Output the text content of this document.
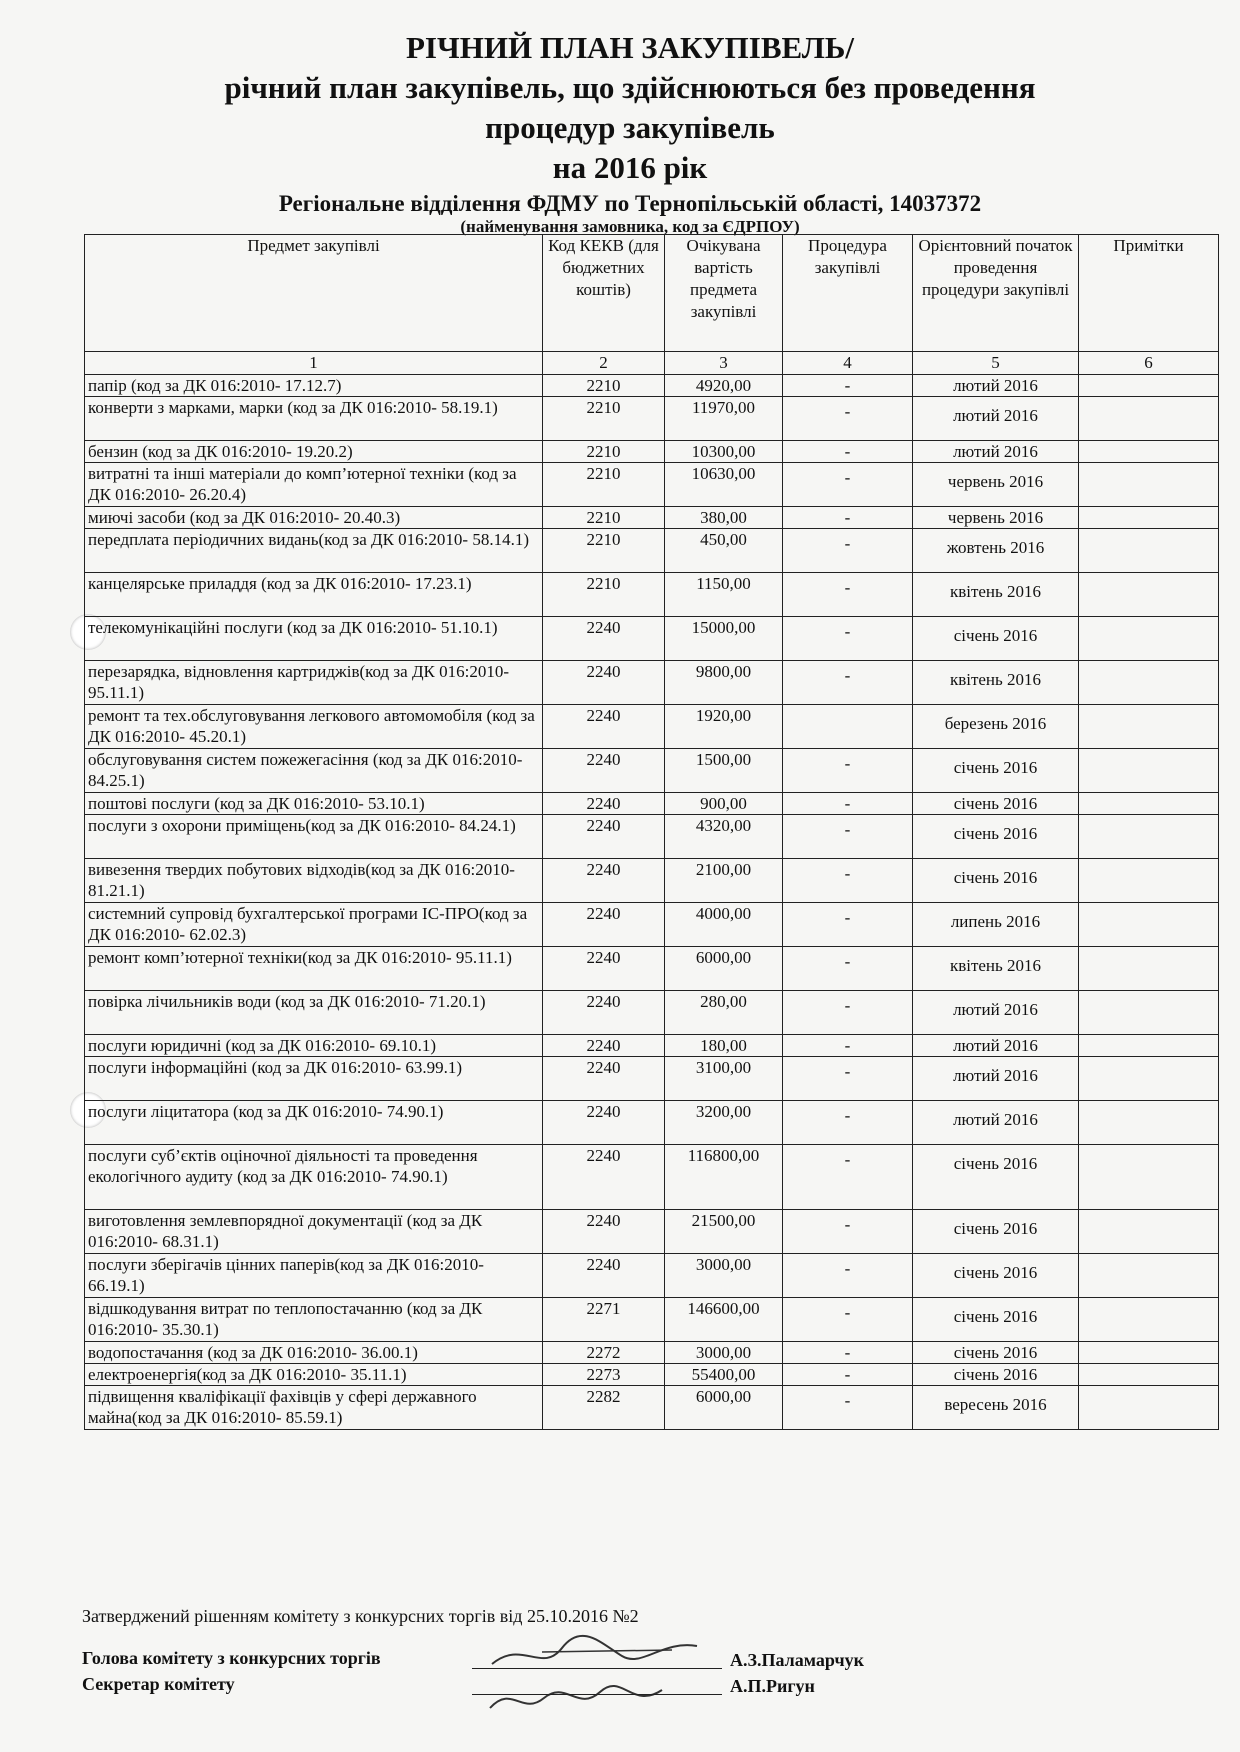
РІЧНИЙ ПЛАН ЗАКУПІВЕЛЬ/
річний план закупівель, що здійснюються без проведення
процедур закупівель
на 2016 рік
Регіональне відділення ФДМУ по Тернопільській області, 14037372
(найменування замовника, код за ЄДРПОУ)
Предмет закупівлі	Код КЕКВ (для бюджетних коштів)	Очікувана вартість предмета закупівлі	Процедура закупівлі	Орієнтовний початок проведення процедури закупівлі	Примітки
1	2	3	4	5	6
папір (код за ДК 016:2010- 17.12.7)	2210	4920,00	-	лютий 2016	
конверти з марками, марки (код за ДК 016:2010- 58.19.1)	2210	11970,00	-	лютий 2016	
бензин (код за ДК 016:2010- 19.20.2)	2210	10300,00	-	лютий 2016	
витратні та інші матеріали до комп’ютерної техніки (код за ДК 016:2010- 26.20.4)	2210	10630,00	-	червень 2016	
миючі засоби (код за ДК 016:2010- 20.40.3)	2210	380,00	-	червень 2016	
передплата періодичних видань(код за ДК 016:2010- 58.14.1)	2210	450,00	-	жовтень 2016	
канцелярське приладдя (код за ДК 016:2010- 17.23.1)	2210	1150,00	-	квітень 2016	
телекомунікаційні послуги (код за ДК 016:2010- 51.10.1)	2240	15000,00	-	січень 2016	
перезарядка, відновлення картриджів(код за ДК 016:2010- 95.11.1)	2240	9800,00	-	квітень 2016	
ремонт та тех.обслуговування легкового автомомобіля (код за ДК 016:2010- 45.20.1)	2240	1920,00		березень 2016	
обслуговування систем пожежегасіння (код за ДК 016:2010- 84.25.1)	2240	1500,00	-	січень 2016	
поштові послуги (код за ДК 016:2010- 53.10.1)	2240	900,00	-	січень 2016	
послуги з охорони приміщень(код за ДК 016:2010- 84.24.1)	2240	4320,00	-	січень 2016	
вивезення твердих побутових відходів(код за ДК 016:2010- 81.21.1)	2240	2100,00	-	січень 2016	
системний супровід бухгалтерської програми ІС-ПРО(код за ДК 016:2010- 62.02.3)	2240	4000,00	-	липень 2016	
ремонт комп’ютерної техніки(код за ДК 016:2010- 95.11.1)	2240	6000,00	-	квітень 2016	
повірка лічильників води (код за ДК 016:2010- 71.20.1)	2240	280,00	-	лютий 2016	
послуги юридичні (код за ДК 016:2010- 69.10.1)	2240	180,00	-	лютий 2016	
послуги інформаційні (код за ДК 016:2010- 63.99.1)	2240	3100,00	-	лютий 2016	
послуги ліцитатора (код за ДК 016:2010- 74.90.1)	2240	3200,00	-	лютий 2016	
послуги суб’єктів оціночної діяльності та проведення екологічного аудиту (код за ДК 016:2010- 74.90.1)	2240	116800,00	-	січень 2016	
виготовлення землевпорядної документації (код за ДК 016:2010- 68.31.1)	2240	21500,00	-	січень 2016	
послуги зберігачів цінних паперів(код за ДК 016:2010- 66.19.1)	2240	3000,00	-	січень 2016	
відшкодування витрат по теплопостачанню (код за ДК 016:2010- 35.30.1)	2271	146600,00	-	січень 2016	
водопостачання (код за ДК 016:2010- 36.00.1)	2272	3000,00	-	січень 2016	
електроенергія(код за ДК 016:2010- 35.11.1)	2273	55400,00	-	січень 2016	
підвищення кваліфікації фахівців у сфері державного майна(код за ДК 016:2010- 85.59.1)	2282	6000,00	-	вересень 2016	
Затверджений рішенням комітету з конкурсних торгів від 25.10.2016 №2
Голова комітету з конкурсних торгів	А.З.Паламарчук
Секретар комітету	А.П.Ригун
